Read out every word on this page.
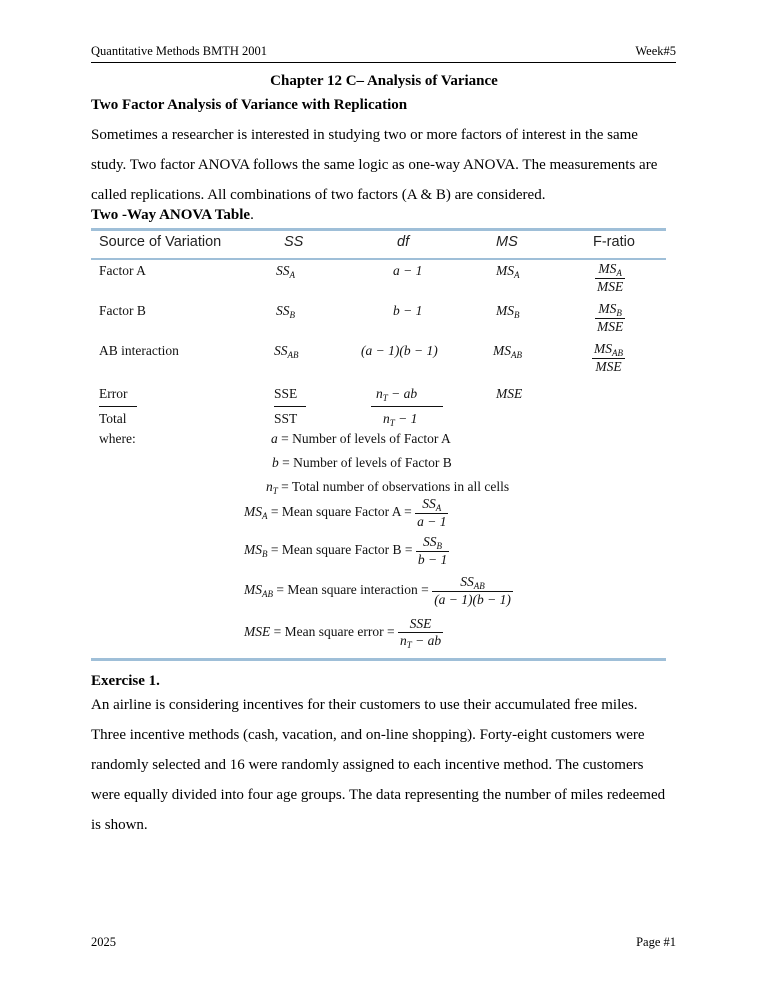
Quantitative Methods BMTH 2001	Week#5
Chapter 12 C– Analysis of Variance
Two Factor Analysis of Variance with Replication
Sometimes a researcher is interested in studying two or more factors of interest in the same
study. Two factor ANOVA follows the same logic as one-way ANOVA. The measurements are
called replications. All combinations of two factors (A & B) are considered.
Two -Way ANOVA Table.
Source of Variation	SS	df	MS	F-ratio
Factor A	$SS_A$	a − 1	$MS_A$	$\frac{MS_A}{\text{MSE}}$
Factor B	$SS_B$	b − 1	$MS_B$	$\frac{MS_B}{\text{MSE}}$
AB interaction	$SS_{AB}$	(a − 1)(b − 1)	$MS_{AB}$	$\frac{MS_{AB}}{\text{MSE}}$
Error	SSE	$n_T$ − ab	MSE
Total	SST	$n_T - 1$
where:	a = Number of levels of Factor A
b = Number of levels of Factor B
$n_T$ = Total number of observations in all cells
$MS_A$ = Mean square Factor $A = \frac{SS_A}{a - 1}$
$MS_B$ = Mean square Factor $B = \frac{SS_B}{b - 1}$
$MS_{AB}$ = Mean square interaction = $\frac{SS_{AB}}{(a - 1)(b - 1)}$
MSE = Mean square error = $\frac{\text{SSE}}{n_T - ab}$
Exercise 1.
An airline is considering incentives for their customers to use their accumulated free miles.
Three incentive methods (cash, vacation, and on-line shopping). Forty-eight customers were
randomly selected and 16 were randomly assigned to each incentive method. The customers
were equally divided into four age groups. The data representing the number of miles redeemed
is shown.
2025	Page #1
